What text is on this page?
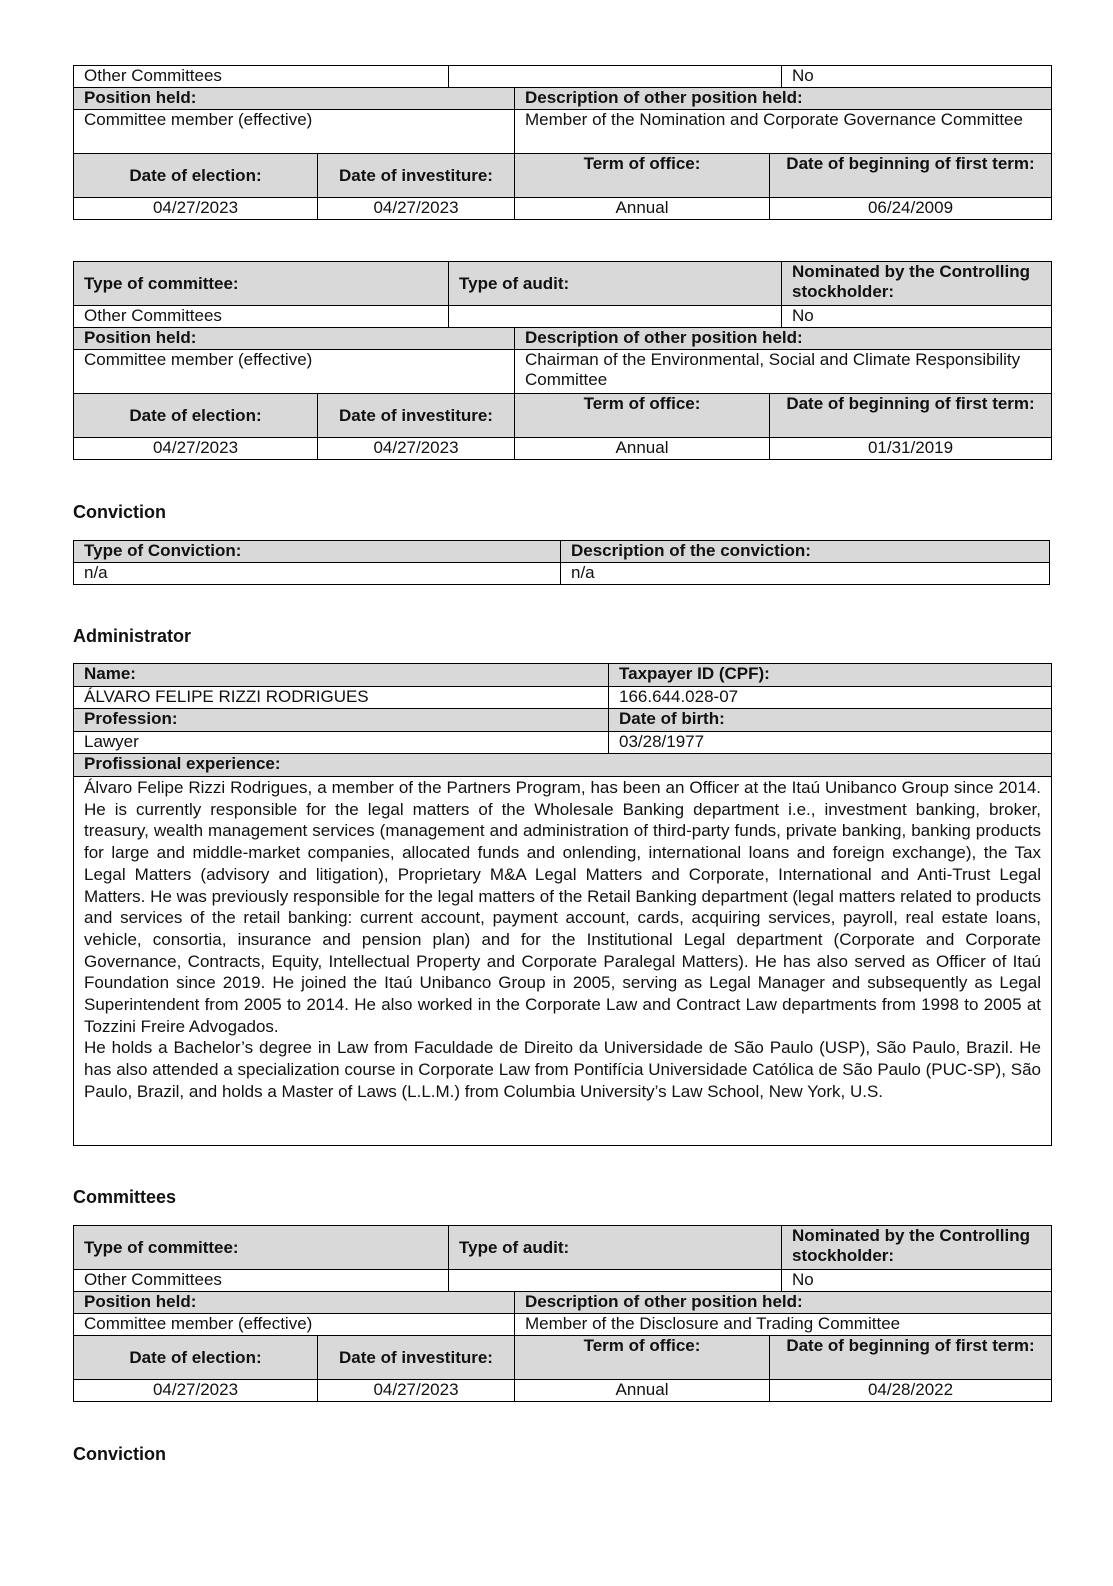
Other Committees					No
Position held:			Description of other position held:		
Committee member (effective)			Member of the Nomination and Corporate Governance Committee		
Date of election:	Date of investiture:		Term of office:	Date of beginning of first term:	
04/27/2023	04/27/2023		Annual	06/24/2009	
Type of committee:		Type of audit:			Nominated by the Controlling stockholder:
Other Committees					No
Position held:			Description of other position held:		
Committee member (effective)			Chairman of the Environmental, Social and Climate Responsibility Committee		
Date of election:	Date of investiture:		Term of office:	Date of beginning of first term:	
04/27/2023	04/27/2023		Annual	01/31/2019	
Conviction
Type of Conviction:	Description of the conviction:
n/a	n/a
Administrator
Name:	Taxpayer ID (CPF):
ÁLVARO FELIPE RIZZI RODRIGUES	166.644.028-07
Profession:	Date of birth:
Lawyer	03/28/1977
Profissional experience:	

Álvaro Felipe Rizzi Rodrigues, a member of the Partners Program, has been an Officer at the Itaú Unibanco Group since 2014. He is currently responsible for the legal matters of the Wholesale Banking department i.e., investment banking, broker, treasury, wealth management services (management and administration of third-party funds, private banking, banking products for large and middle-market companies, allocated funds and onlending, international loans and foreign exchange), the Tax Legal Matters (advisory and litigation), Proprietary M&A Legal Matters and Corporate, International and Anti-Trust Legal Matters. He was previously responsible for the legal matters of the Retail Banking department (legal matters related to products and services of the retail banking: current account, payment account, cards, acquiring services, payroll, real estate loans, vehicle, consortia, insurance and pension plan) and for the Institutional Legal department (Corporate and Corporate Governance, Contracts, Equity, Intellectual Property and Corporate Paralegal Matters). He has also served as Officer of Itaú Foundation since 2019. He joined the Itaú Unibanco Group in 2005, serving as Legal Manager and subsequently as Legal Superintendent from 2005 to 2014. He also worked in the Corporate Law and Contract Law departments from 1998 to 2005 at Tozzini Freire Advogados.
He holds a Bachelor’s degree in Law from Faculdade de Direito da Universidade de São Paulo (USP), São Paulo, Brazil. He has also attended a specialization course in Corporate Law from Pontifícia Universidade Católica de São Paulo (PUC-SP), São Paulo, Brazil, and holds a Master of Laws (L.L.M.) from Columbia University’s Law School, New York, U.S.	
Committees
Type of committee:		Type of audit:			Nominated by the Controlling stockholder:
Other Committees					No
Position held:			Description of other position held:		
Committee member (effective)			Member of the Disclosure and Trading Committee		
Date of election:	Date of investiture:		Term of office:	Date of beginning of first term:	
04/27/2023	04/27/2023		Annual	04/28/2022	
Conviction
